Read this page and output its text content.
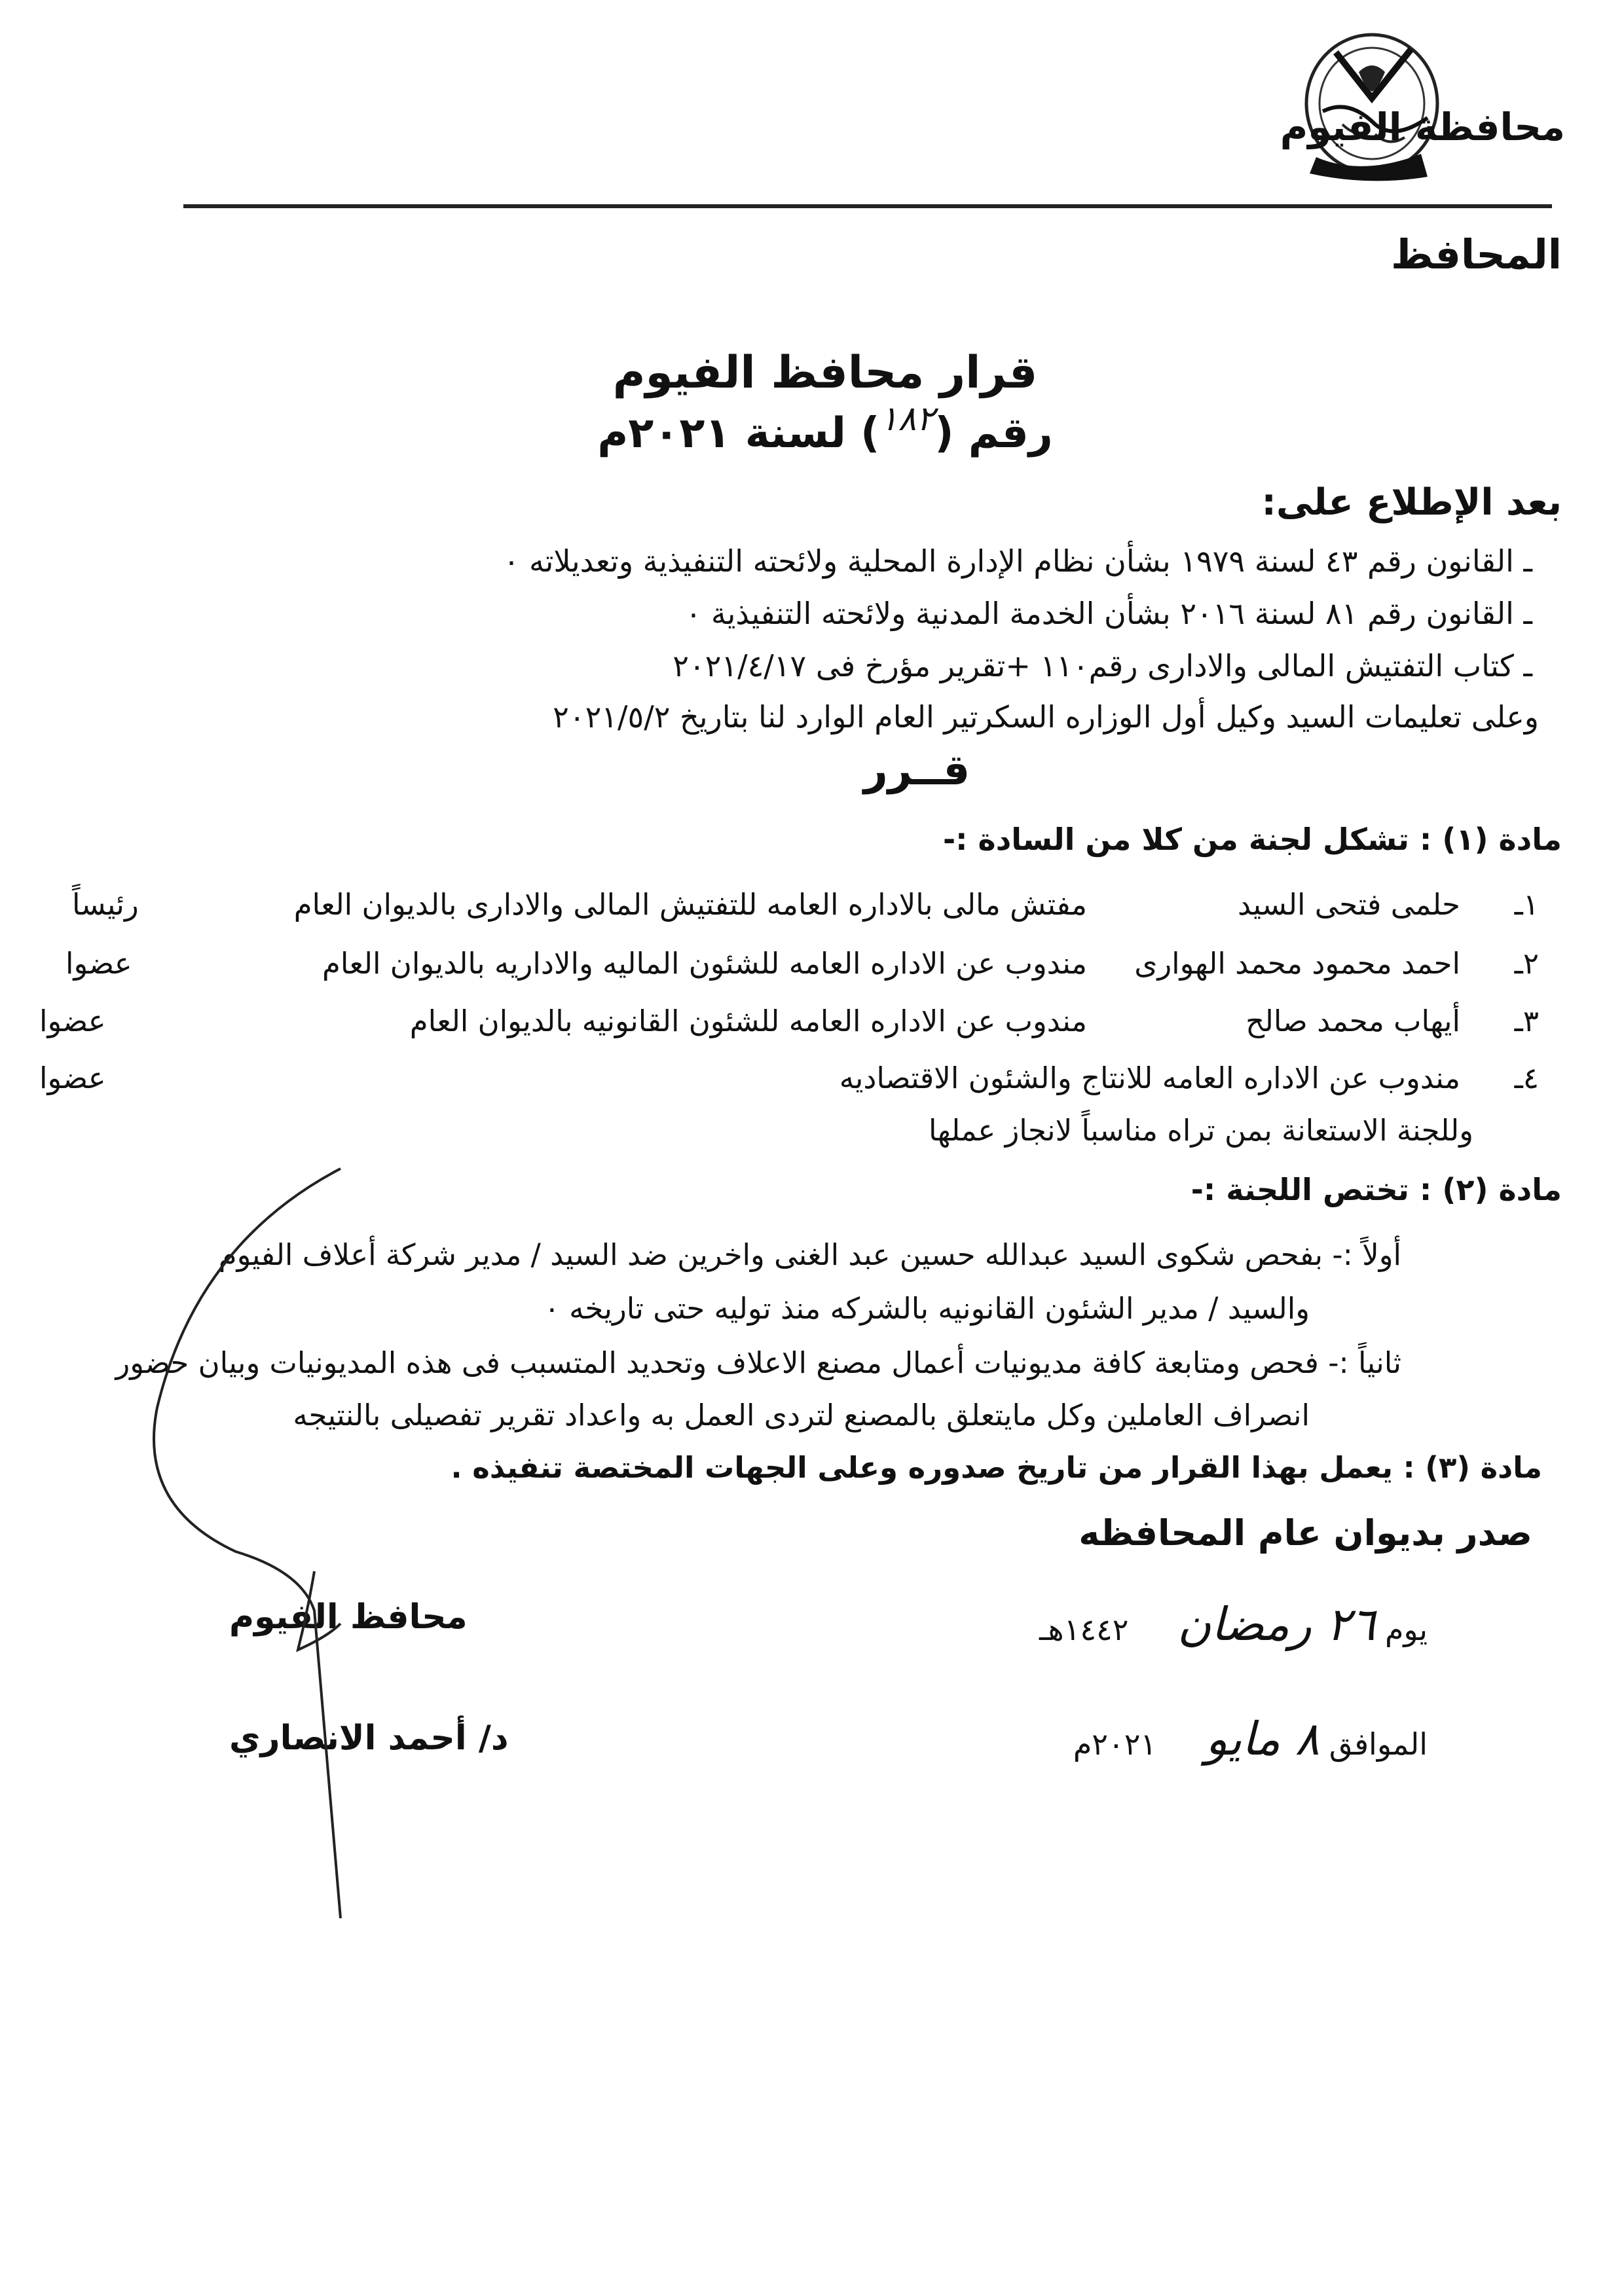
محافظة الفيوم
المحافظ
قرار محافظ الفيوم
رقم ($^{١٨٢}$) لسنة ٢٠٢١م
بعد الإطلاع على:
ـ القانون رقم ٤٣ لسنة ١٩٧٩ بشأن نظام الإدارة المحلية ولائحته التنفيذية وتعديلاته ٠
ـ القانون رقم ٨١ لسنة ٢٠١٦ بشأن الخدمة المدنية ولائحته التنفيذية ٠
ـ كتاب التفتيش المالى والادارى رقم١١٠ +تقرير مؤرخ فى ٢٠٢١/٤/١٧
وعلى تعليمات السيد وكيل أول الوزاره السكرتير العام الوارد لنا بتاريخ ٢٠٢١/٥/٢
قــرر
مادة (١) : تشكل لجنة من كلا من السادة :-
١ـ
حلمى فتحى السيد
مفتش مالى بالاداره العامه للتفتيش المالى والادارى بالديوان العام
رئيساً
٢ـ
احمد محمود محمد الهوارى
مندوب عن الاداره العامه للشئون الماليه والاداريه بالديوان العام
عضوا
٣ـ
أيهاب محمد صالح
مندوب عن الاداره العامه للشئون القانونيه بالديوان العام
عضوا
٤ـ
مندوب عن الاداره العامه للانتاج والشئون الاقتصاديه
عضوا
وللجنة الاستعانة بمن تراه مناسباً لانجاز عملها
مادة (٢) : تختص اللجنة :-
أولاً :- بفحص شكوى السيد عبدالله حسين عبد الغنى واخرين ضد السيد / مدير شركة أعلاف الفيوم
والسيد / مدير الشئون القانونيه بالشركه منذ توليه حتى تاريخه ٠
ثانياً :- فحص ومتابعة كافة مديونيات أعمال مصنع الاعلاف وتحديد المتسبب فى هذه المديونيات وبيان حضور
انصراف العاملين وكل مايتعلق بالمصنع لتردى العمل به واعداد تقرير تفصيلى بالنتيجه
مادة (٣) : يعمل بهذا القرار من تاريخ صدوره وعلى الجهات المختصة تنفيذه .
صدر بديوان عام المحافظه
يوم ٢٦ رمضان ١٤٤٢هـ
الموافق ٨ مايو ٢٠٢١م
محافظ الفيوم
د/ أحمد الانصاري
